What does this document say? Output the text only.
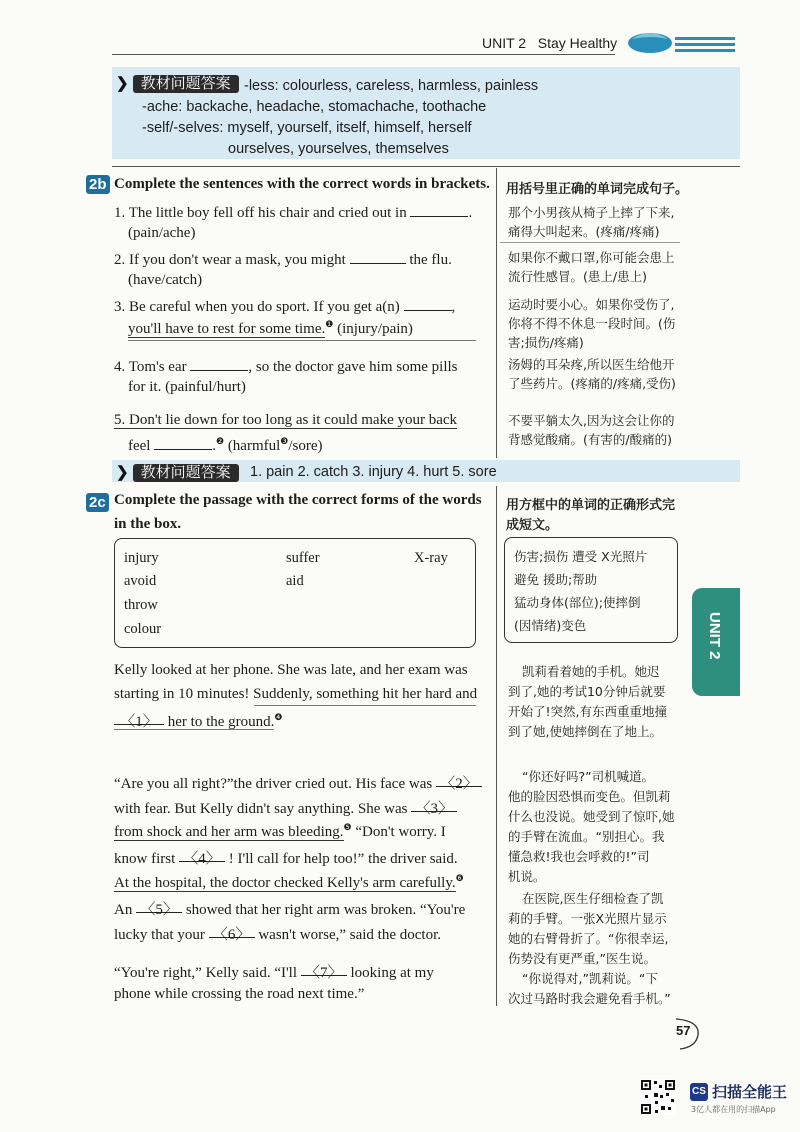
UNIT 2 Stay Healthy
❯ 教材问题答案 -less: colourless, careless, harmless, painless
-ache: backache, headache, stomachache, toothache
-self/-selves: myself, yourself, itself, himself, herself
ourselves, yourselves, themselves
2b Complete the sentences with the correct words in brackets. 用括号里正确的单词完成句子。
1. The little boy fell off his chair and cried out in	.
(pain/ache)
那个小男孩从椅子上摔了下来,
痛得大叫起来。(疼痛/疼痛)
2. If you don't wear a mask, you might	the flu.
(have/catch)
如果你不戴口罩,你可能会患上
流行性感冒。(患上/患上)
3. Be careful when you do sport. If you get a(n)	,
you'll have to rest for some time.$^❶$ (injury/pain)
运动时要小心。如果你受伤了,
你将不得不休息一段时间。(伤
害;损伤/疼痛)
4. Tom's ear	, so the doctor gave him some pills
for it. (painful/hurt)
汤姆的耳朵疼,所以医生给他开
了些药片。(疼痛的/疼痛,受伤)
5. Don't lie down for too long as it could make your back
feel	.$^❷$ (harmful$^❸$/sore)
不要平躺太久,因为这会让你的
背感觉酸痛。(有害的/酸痛的)
❯ 教材问题答案	1. pain 2. catch 3. injury 4. hurt 5. sore
2c Complete the passage with the correct forms of the words
in the box.
用方框中的单词的正确形式完
成短文。
injury	suffer	X-ray
avoid	aid
throw
colour
伤害;损伤 遭受 X光照片
避免 援助;帮助
猛动身体(部位);使摔倒
(因情绪)变色
Kelly looked at her phone. She was late, and her exam was
starting in 10 minutes! Suddenly, something hit her hard and
〈1〉 her to the ground.$^❹$
凯莉看着她的手机。她迟
到了,她的考试10分钟后就要
开始了!突然,有东西重重地撞
到了她,使她摔倒在了地上。
“Are you all right?”the driver cried out. His face was 〈2〉
with fear. But Kelly didn't say anything. She was 〈3〉
from shock and her arm was bleeding.$^❺$ “Don't worry. I
know first 〈4〉 ! I'll call for help too!” the driver said.
“你还好吗?”司机喊道。
他的脸因恐惧而变色。但凯莉
什么也没说。她受到了惊吓,她
的手臂在流血。“别担心。我
懂急救!我也会呼救的!”司
机说。
At the hospital, the doctor checked Kelly's arm carefully.$^❻$
An 〈5〉 showed that her right arm was broken. “You're
lucky that your 〈6〉 wasn't worse,” said the doctor.
在医院,医生仔细检查了凯
莉的手臂。一张X光照片显示
她的右臂骨折了。“你很幸运,
伤势没有更严重,”医生说。
“You're right,” Kelly said. “I'll 〈7〉 looking at my
phone while crossing the road next time.”
“你说得对,”凯莉说。“下
次过马路时我会避免看手机。”
UNIT 2
57
CS 扫描全能王
3亿人都在用的扫描App
